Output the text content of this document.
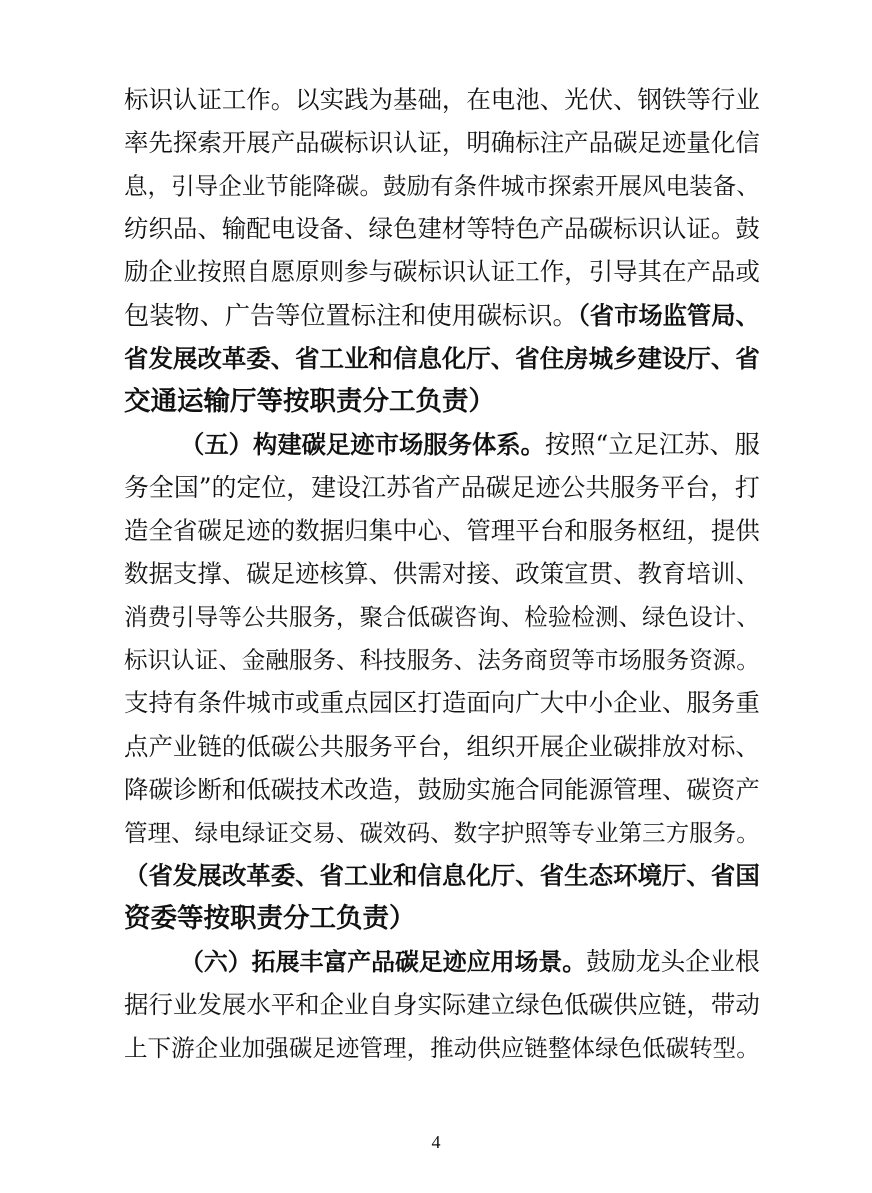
标识认证工作。以实践为基础，在电池、光伏、钢铁等行业
率先探索开展产品碳标识认证，明确标注产品碳足迹量化信
息，引导企业节能降碳。鼓励有条件城市探索开展风电装备、
纺织品、输配电设备、绿色建材等特色产品碳标识认证。鼓
励企业按照自愿原则参与碳标识认证工作，引导其在产品或
包装物、广告等位置标注和使用碳标识。（省市场监管局、
省发展改革委、省工业和信息化厅、省住房城乡建设厅、省
交通运输厅等按职责分工负责）
（五）构建碳足迹市场服务体系。按照“立足江苏、服
务全国”的定位，建设江苏省产品碳足迹公共服务平台，打
造全省碳足迹的数据归集中心、管理平台和服务枢纽，提供
数据支撑、碳足迹核算、供需对接、政策宣贯、教育培训、
消费引导等公共服务，聚合低碳咨询、检验检测、绿色设计、
标识认证、金融服务、科技服务、法务商贸等市场服务资源。
支持有条件城市或重点园区打造面向广大中小企业、服务重
点产业链的低碳公共服务平台，组织开展企业碳排放对标、
降碳诊断和低碳技术改造，鼓励实施合同能源管理、碳资产
管理、绿电绿证交易、碳效码、数字护照等专业第三方服务。
（省发展改革委、省工业和信息化厅、省生态环境厅、省国
资委等按职责分工负责）
（六）拓展丰富产品碳足迹应用场景。鼓励龙头企业根
据行业发展水平和企业自身实际建立绿色低碳供应链，带动
上下游企业加强碳足迹管理，推动供应链整体绿色低碳转型。
4
